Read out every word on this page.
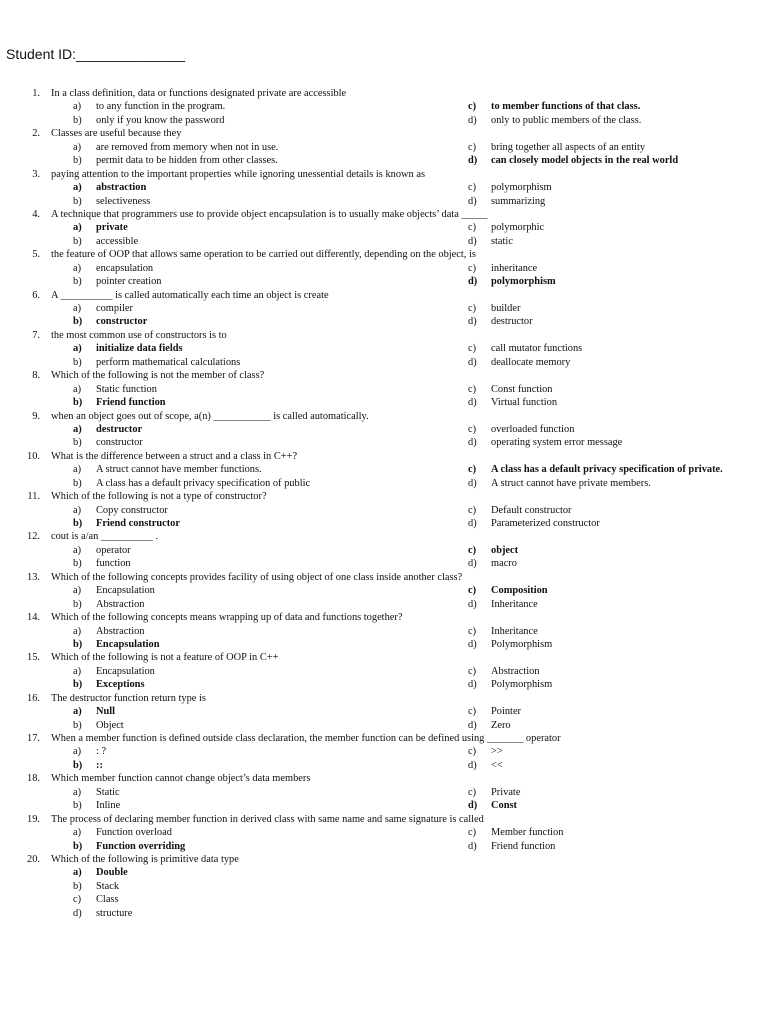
Student ID:______________
1. In a class definition, data or functions designated private are accessible
a)	to any function in the program.	c)	to member functions of that class.
b)	only if you know the password	d)	only to public members of the class.
2. Classes are useful because they
a)	are removed from memory when not in use.	c)	bring together all aspects of an entity
b)	permit data to be hidden from other classes.	d)	can closely model objects in the real world
3. paying attention to the important properties while ignoring unessential details is known as
a)	abstraction	c)	polymorphism
b)	selectiveness	d)	summarizing
4. A technique that programmers use to provide object encapsulation is to usually make objects’ data _____
a)	private	c)	polymorphic
b)	accessible	d)	static
5. the feature of OOP that allows same operation to be carried out differently, depending on the object, is
a)	encapsulation	c)	inheritance
b)	pointer creation	d)	polymorphism
6. A __________ is called automatically each time an object is create
a)	compiler	c)	builder
b)	constructor	d)	destructor
7. the most common use of constructors is to
a)	initialize data fields	c)	call mutator functions
b)	perform mathematical calculations	d)	deallocate memory
8. Which of the following is not the member of class?
a)	Static function	c)	Const function
b)	Friend function	d)	Virtual function
9. when an object goes out of scope, a(n) ___________ is called automatically.
a)	destructor	c)	overloaded function
b)	constructor	d)	operating system error message
10. What is the difference between a struct and a class in C++?
a)	A struct cannot have member functions.	c)	A class has a default privacy specification of private.
b)	A class has a default privacy specification of public	d)	A struct cannot have private members.
11. Which of the following is not a type of constructor?
a)	Copy constructor	c)	Default constructor
b)	Friend constructor	d)	Parameterized constructor
12. cout is a/an __________ .
a)	operator	c)	object
b)	function	d)	macro
13. Which of the following concepts provides facility of using object of one class inside another class?
a)	Encapsulation	c)	Composition
b)	Abstraction	d)	Inheritance
14. Which of the following concepts means wrapping up of data and functions together?
a)	Abstraction	c)	Inheritance
b)	Encapsulation	d)	Polymorphism
15. Which of the following is not a feature of OOP in C++
a)	Encapsulation	c)	Abstraction
b)	Exceptions	d)	Polymorphism
16. The destructor function return type is
a)	Null	c)	Pointer
b)	Object	d)	Zero
17. When a member function is defined outside class declaration, the member function can be defined using _______ operator
a)	: ?	c)	>>
b)	::	d)	<<
18. Which member function cannot change object’s data members
a)	Static	c)	Private
b)	Inline	d)	Const
19. The process of declaring member function in derived class with same name and same signature is called
a)	Function overload	c)	Member function
b)	Function overriding	d)	Friend function
20. Which of the following is primitive data type
a)	Double
b)	Stack
c)	Class
d)	structure
